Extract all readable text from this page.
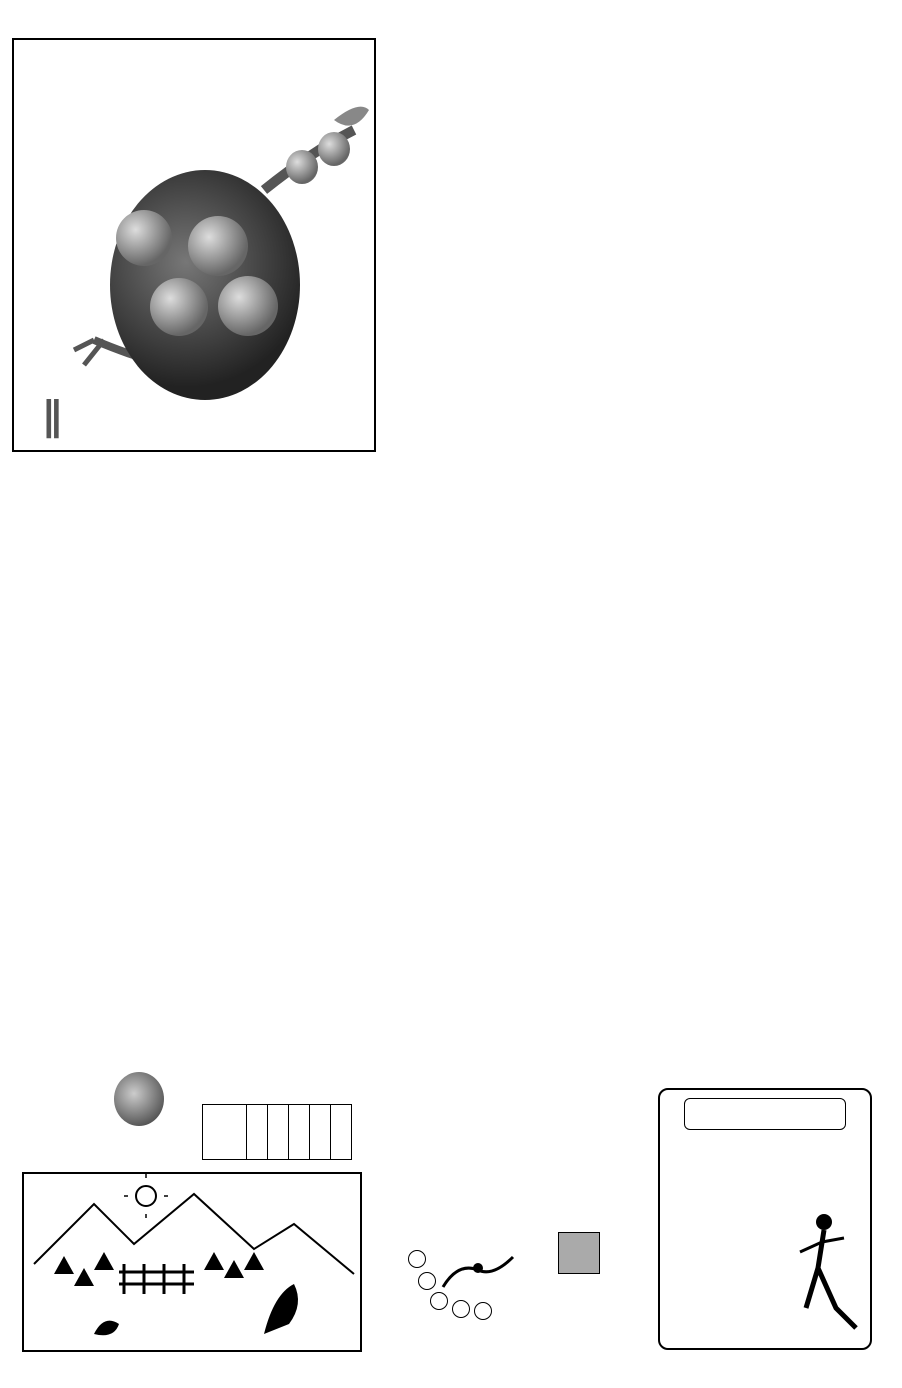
∥
